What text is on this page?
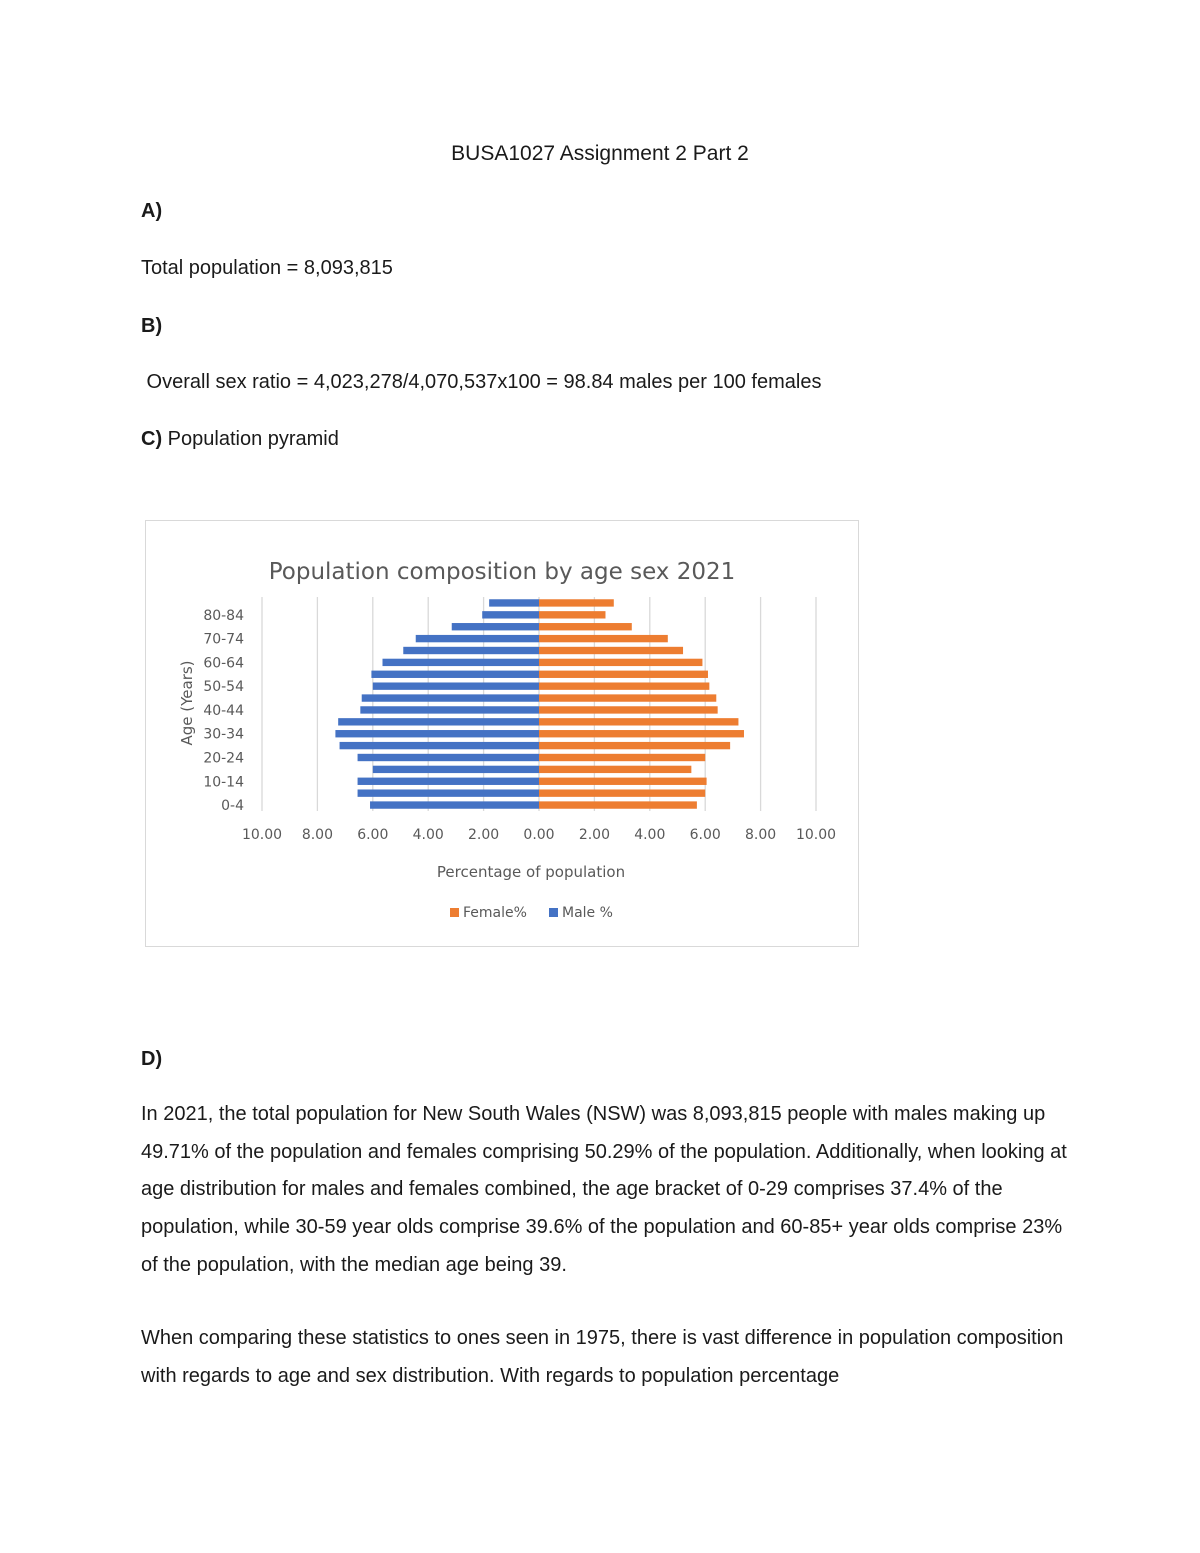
BUSA1027 Assignment 2 Part 2
A)
Total population = 8,093,815
B)
Overall sex ratio = 4,023,278/4,070,537x100 = 98.84 males per 100 females
C) Population pyramid
Population composition by age sex 2021
0-4
10-14
20-24
30-34
40-44
50-54
60-64
70-74
80-84
10.00 8.00 6.00 4.00 2.00 0.00 2.00 4.00 6.00 8.00 10.00
Percentage of population
Age (Years)
Female%	Male %
D)
In 2021, the total population for New South Wales (NSW) was 8,093,815 people with males making up 49.71% of the population and females comprising 50.29% of the population. Additionally, when looking at age distribution for males and females combined, the age bracket of 0-29 comprises 37.4% of the population, while 30-59 year olds comprise 39.6% of the population and 60-85+ year olds comprise 23% of the population, with the median age being 39.
When comparing these statistics to ones seen in 1975, there is vast difference in population composition with regards to age and sex distribution. With regards to population percentage
